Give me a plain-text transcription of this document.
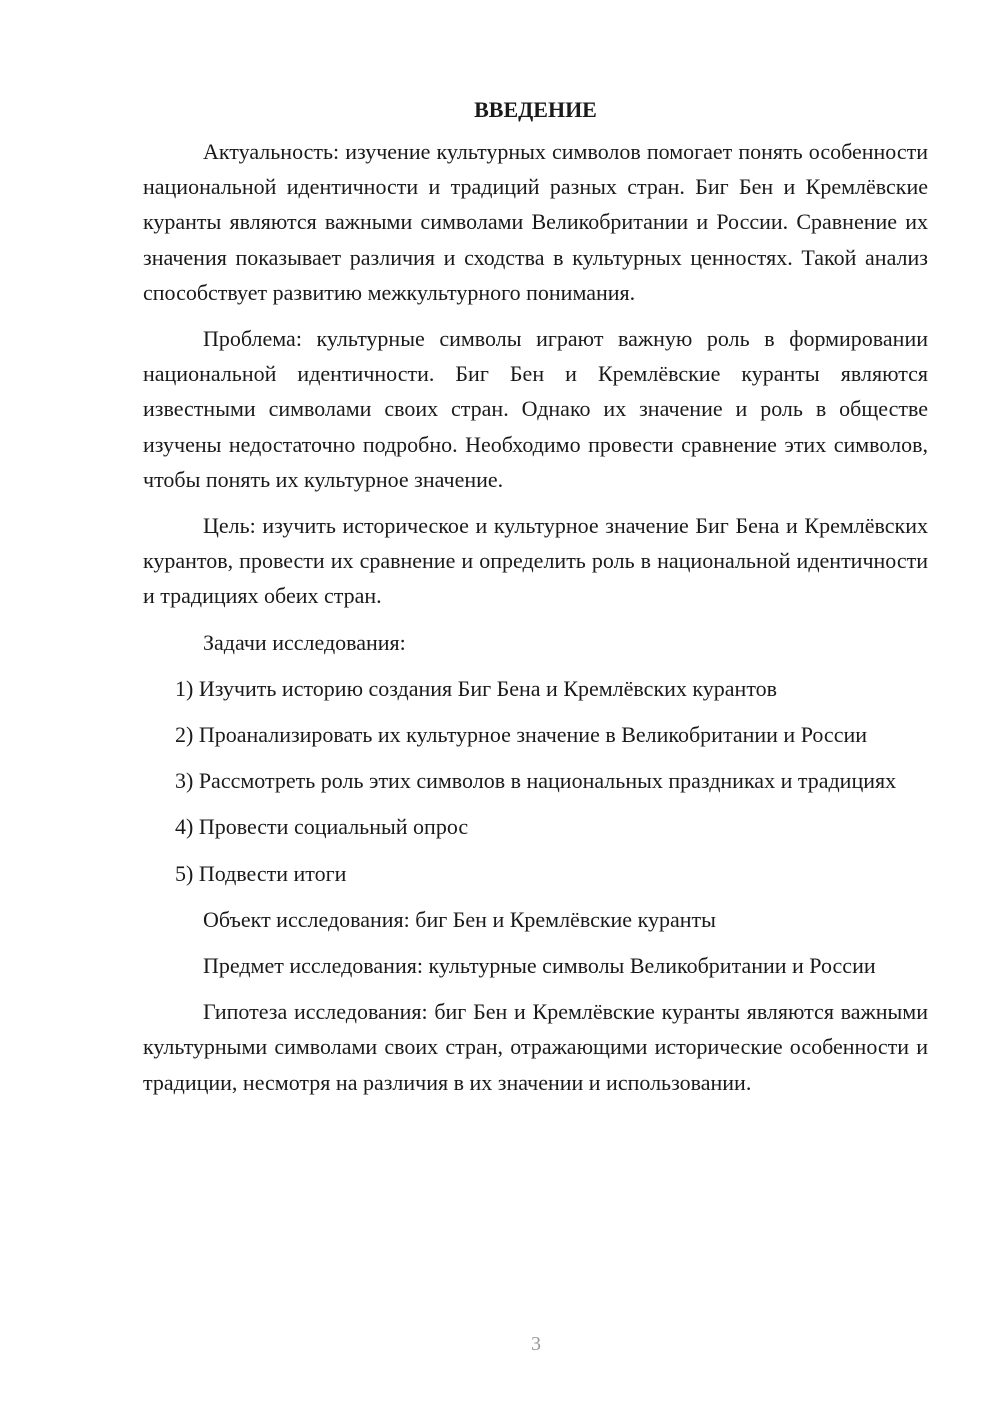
ВВЕДЕНИЕ

Актуальность: изучение культурных символов помогает понять особенности национальной идентичности и традиций разных стран. Биг Бен и Кремлёвские куранты являются важными символами Великобритании и России. Сравнение их значения показывает различия и сходства в культурных ценностях. Такой анализ способствует развитию межкультурного понимания.

Проблема: культурные символы играют важную роль в формировании национальной идентичности. Биг Бен и Кремлёвские куранты являются известными символами своих стран. Однако их значение и роль в обществе изучены недостаточно подробно. Необходимо провести сравнение этих символов, чтобы понять их культурное значение.

Цель: изучить историческое и культурное значение Биг Бена и Кремлёвских курантов, провести их сравнение и определить роль в национальной идентичности и традициях обеих стран.

Задачи исследования:

1) Изучить историю создания Биг Бена и Кремлёвских курантов

2) Проанализировать их культурное значение в Великобритании и России

3) Рассмотреть роль этих символов в национальных праздниках и традициях

4) Провести социальный опрос

5) Подвести итоги

Объект исследования: биг Бен и Кремлёвские куранты

Предмет исследования: культурные символы Великобритании и России

Гипотеза исследования: биг Бен и Кремлёвские куранты являются важными культурными символами своих стран, отражающими исторические особенности и традиции, несмотря на различия в их значении и использовании.

3
